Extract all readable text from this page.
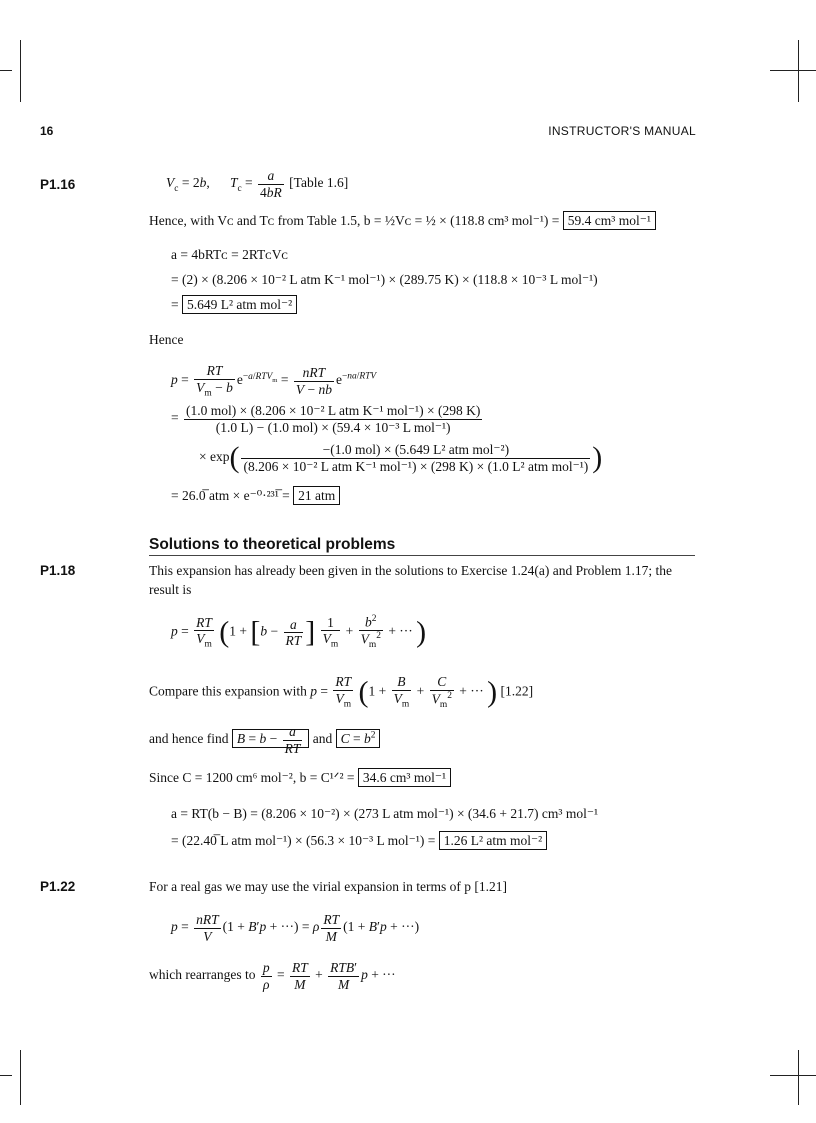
16	INSTRUCTOR'S MANUAL
P1.16	$V_c = 2b$,      $T_c = \frac{a}{4bR}$ [Table 1.6]
Hence, with Vᴄ and Tᴄ from Table 1.5, b = ½Vᴄ = ½ × (118.8 cm³ mol⁻¹) = 59.4 cm³ mol⁻¹
a = 4bRTᴄ = 2RTᴄVᴄ
= (2) × (8.206 × 10⁻² L atm K⁻¹ mol⁻¹) × (289.75 K) × (118.8 × 10⁻³ L mol⁻¹)
= 5.649 L² atm mol⁻²
Hence
$p = \frac{RT}{V_m - b} e^{-a/RTV_m} = \frac{\text{nRT}}{V - nb} e^{-na/RTV}$
= $\frac{\text{(1.0 mol) × (8.206 × 10⁻² L atm K⁻¹ mol⁻¹) × (298 K)}}{\text{(1.0 L) − (1.0 mol) × (59.4 × 10⁻³ L mol⁻¹)}}$
× exp(	−(1.0 mol) × (5.649 L² atm mol⁻²)
(8.206 × 10⁻² L atm K⁻¹ mol⁻¹) × (298 K) × (1.0 L² atm mol⁻¹) )
= 26.0̅ atm × e⁻⁰·²³¹̅ = 21 atm
Solutions to theoretical problems
P1.18	This expansion has already been given in the solutions to Exercise 1.24(a) and Problem 1.17; the
result is
$p = \frac{RT}{V_m} (1 + [b - \frac{a}{RT}$ ] $\frac{1}{V_m} + \frac{b^2}{V_m^2}$ + ··· )
Compare this expansion with $p = \frac{RT}{V_m} (1 + \frac{B}{V_m} + \frac{C}{V_m^2}$ + ··· ) [1.22]
and hence find $B = b - \frac{a}{RT}$ and $C = b^2$
Since C = 1200 cm⁶ mol⁻², b = C¹ᐟ² = 34.6 cm³ mol⁻¹
a = RT(b − B) = (8.206 × 10⁻²) × (273 L atm mol⁻¹) × (34.6 + 21.7) cm³ mol⁻¹
= (22.40̅ L atm mol⁻¹) × (56.3 × 10⁻³ L mol⁻¹) = 1.26 L² atm mol⁻²
P1.22	For a real gas we may use the virial expansion in terms of p [1.21]
$p = \frac{\text{nRT}}{V} (1 + B'p$ + ···) = ρ $\frac{RT}{M} (1 + B'p$ + ···)
which rearranges to $\frac{p}{\rho} = \frac{RT}{M} + \frac{\text{RTB′}}{M}$ p + ···
